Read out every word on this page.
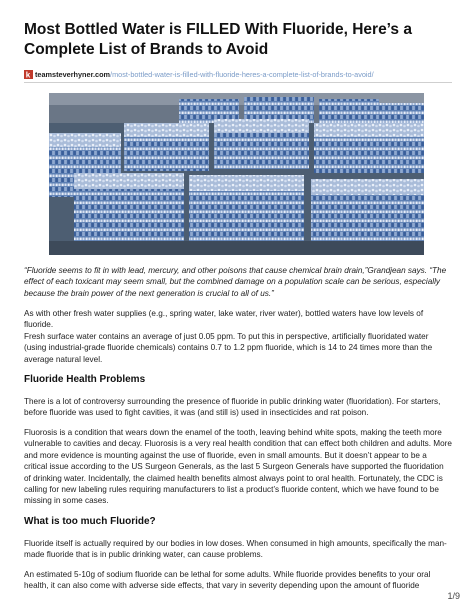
Most Bottled Water is FILLED With Fluoride, Here’s a Complete List of Brands to Avoid
k teamsteverhyner.com /most-bottled-water-is-filled-with-fluoride-heres-a-complete-list-of-brands-to-avoid/

“Fluoride seems to fit in with lead, mercury, and other poisons that cause chemical brain drain,”Grandjean says. “The effect of each toxicant may seem small, but the combined damage on a population scale can be serious, especially because the brain power of the next generation is crucial to all of us.”

As with other fresh water supplies (e.g., spring water, lake water, river water), bottled waters have low levels of fluoride.

Fresh surface water contains an average of just 0.05 ppm. To put this in perspective, artificially fluoridated water (using industrial-grade fluoride chemicals) contains 0.7 to 1.2 ppm fluoride, which is 14 to 24 times more than the average natural level.

Fluoride Health Problems

There is a lot of controversy surrounding the presence of fluoride in public drinking water (fluoridation). For starters, before fluoride was used to fight cavities, it was (and still is) used in insecticides and rat poison.

Fluorosis is a condition that wears down the enamel of the tooth, leaving behind white spots, making the teeth more vulnerable to cavities and decay. Fluorosis is a very real health condition that can effect both children and adults. More and more evidence is mounting against the use of fluoride, even in small amounts. But it doesn’t appear to be a critical issue according to the US Surgeon Generals, as the last 5 Surgeon Generals have supported the fluoridation of drinking water. Incidentally, the claimed health benefits almost always point to oral health. Fortunately, the CDC is calling for new labeling rules requiring manufacturers to list a product’s fluoride content, which we have found to be missing in some cases.

What is too much Fluoride?

Fluoride itself is actually required by our bodies in low doses. When consumed in high amounts, specifically the man-made fluoride that is in public drinking water, can cause problems.

An estimated 5-10g of sodium fluoride can be lethal for some adults. While fluoride provides benefits to your oral health, it can also come with adverse side effects, that vary in severity depending upon the amount of fluoride

1/9
